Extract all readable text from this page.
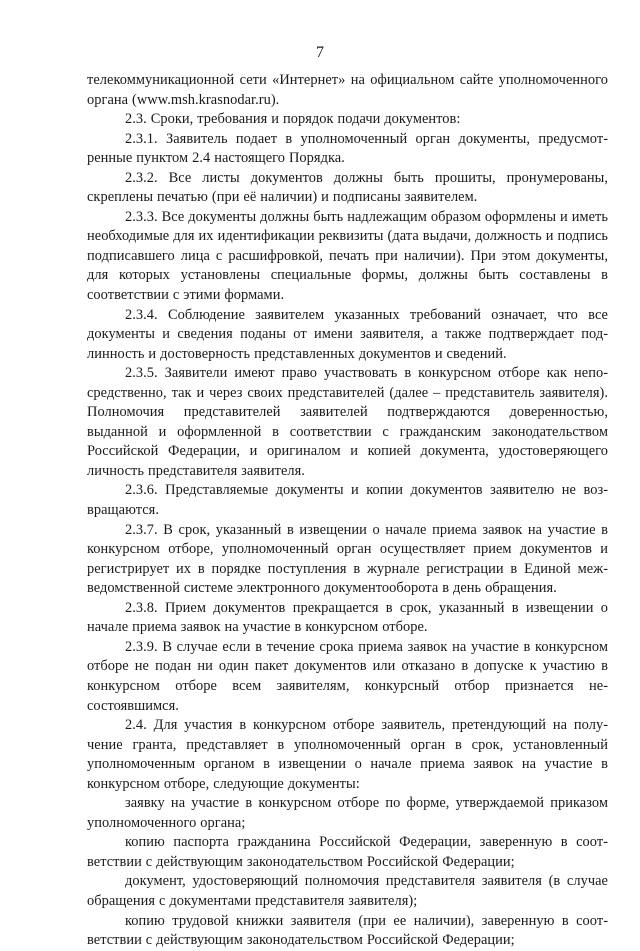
7

телекоммуникационной сети «Интернет» на официальном сайте уполномоченного органа (www.msh.krasnodar.ru).

2.3. Сроки, требования и порядок подачи документов:

2.3.1. Заявитель подает в уполномоченный орган документы, предусмотренные пунктом 2.4 настоящего Порядка.

2.3.2. Все листы документов должны быть прошиты, пронумерованы, скреплены печатью (при её наличии) и подписаны заявителем.

2.3.3. Все документы должны быть надлежащим образом оформлены и иметь необходимые для их идентификации реквизиты (дата выдачи, должность и подпись подписавшего лица с расшифровкой, печать при наличии). При этом документы, для которых установлены специальные формы, должны быть составлены в соответствии с этими формами.

2.3.4. Соблюдение заявителем указанных требований означает, что все документы и сведения поданы от имени заявителя, а также подтверждает подлинность и достоверность представленных документов и сведений.

2.3.5. Заявители имеют право участвовать в конкурсном отборе как непосредственно, так и через своих представителей (далее – представитель заявителя). Полномочия представителей заявителей подтверждаются доверенностью, выданной и оформленной в соответствии с гражданским законодательством Российской Федерации, и оригиналом и копией документа, удостоверяющего личность представителя заявителя.

2.3.6. Представляемые документы и копии документов заявителю не возвращаются.

2.3.7. В срок, указанный в извещении о начале приема заявок на участие в конкурсном отборе, уполномоченный орган осуществляет прием документов и регистрирует их в порядке поступления в журнале регистрации в Единой межведомственной системе электронного документооборота в день обращения.

2.3.8. Прием документов прекращается в срок, указанный в извещении о начале приема заявок на участие в конкурсном отборе.

2.3.9. В случае если в течение срока приема заявок на участие в конкурсном отборе не подан ни один пакет документов или отказано в допуске к участию в конкурсном отборе всем заявителям, конкурсный отбор признается несостоявшимся.

2.4. Для участия в конкурсном отборе заявитель, претендующий на получение гранта, представляет в уполномоченный орган в срок, установленный уполномоченным органом в извещении о начале приема заявок на участие в конкурсном отборе, следующие документы:

заявку на участие в конкурсном отборе по форме, утверждаемой приказом уполномоченного органа;

копию паспорта гражданина Российской Федерации, заверенную в соответствии с действующим законодательством Российской Федерации;

документ, удостоверяющий полномочия представителя заявителя (в случае обращения с документами представителя заявителя);

копию трудовой книжки заявителя (при ее наличии), заверенную в соответствии с действующим законодательством Российской Федерации;
